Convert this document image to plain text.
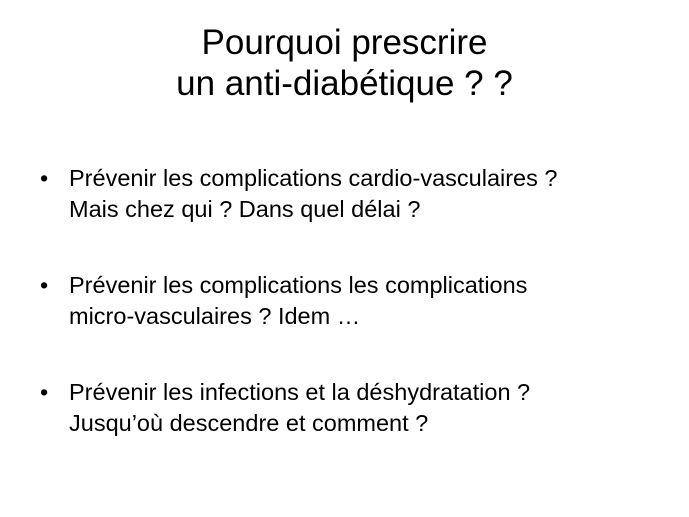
Pourquoi prescrire
un anti-diabétique ? ?
• Prévenir les complications cardio-vasculaires ?
Mais chez qui ? Dans quel délai ?
• Prévenir les complications les complications
micro-vasculaires ? Idem …
• Prévenir les infections et la déshydratation ?
Jusqu’où descendre et comment ?
